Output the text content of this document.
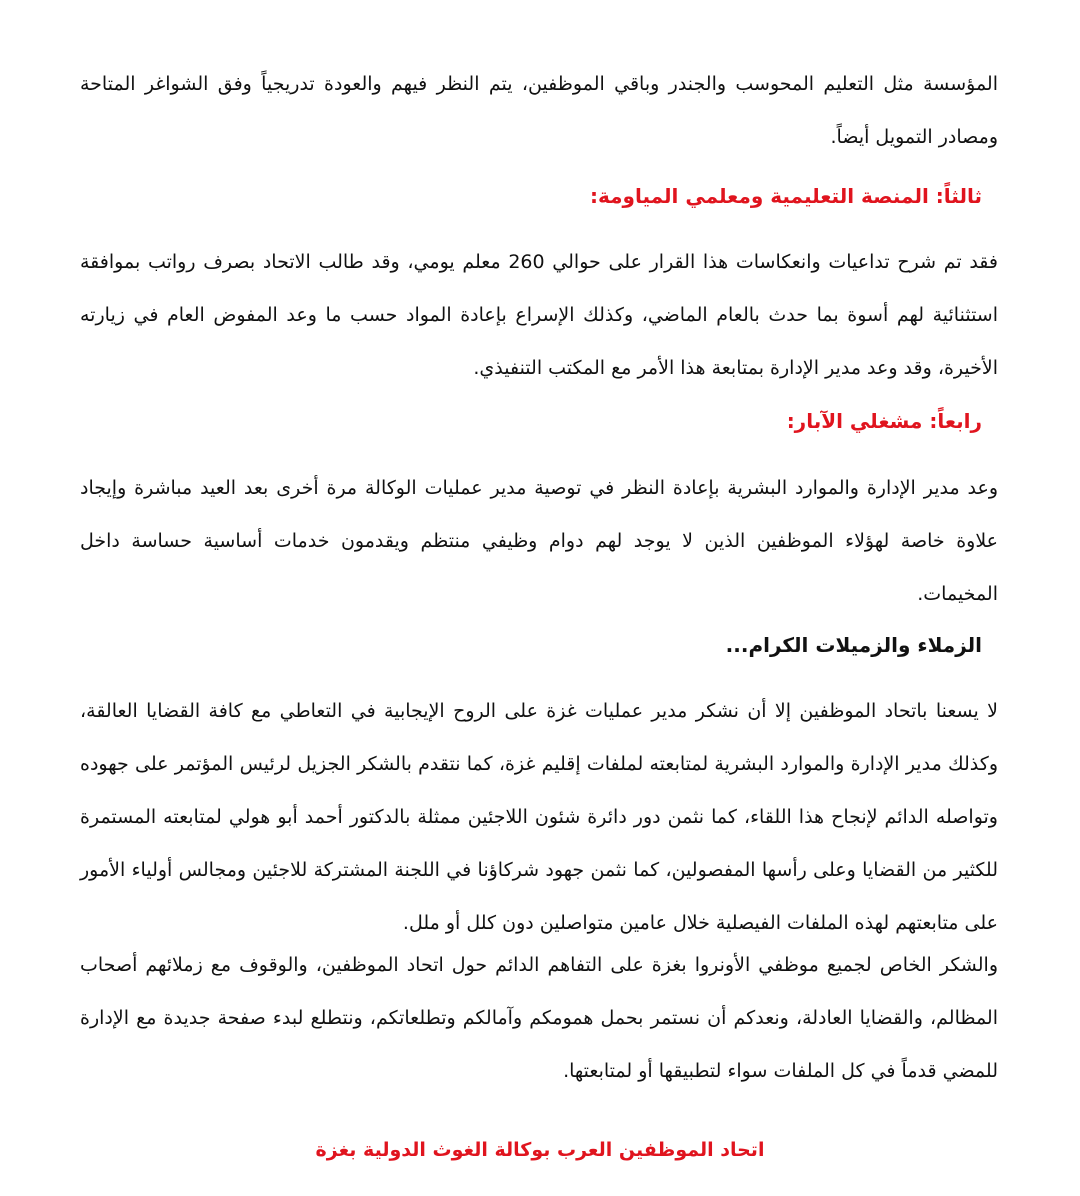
المؤسسة مثل التعليم المحوسب والجندر وباقي الموظفين، يتم النظر فيهم والعودة تدريجياً وفق الشواغر المتاحة ومصادر التمويل أيضاً.

ثالثاً: المنصة التعليمية ومعلمي المياومة:

فقد تم شرح تداعيات وانعكاسات هذا القرار على حوالي 260 معلم يومي، وقد طالب الاتحاد بصرف رواتب بموافقة استثنائية لهم أسوة بما حدث بالعام الماضي، وكذلك الإسراع بإعادة المواد حسب ما وعد المفوض العام في زيارته الأخيرة، وقد وعد مدير الإدارة بمتابعة هذا الأمر مع المكتب التنفيذي.

رابعاً: مشغلي الآبار:

وعد مدير الإدارة والموارد البشرية بإعادة النظر في توصية مدير عمليات الوكالة مرة أخرى بعد العيد مباشرة وإيجاد علاوة خاصة لهؤلاء الموظفين الذين لا يوجد لهم دوام وظيفي منتظم ويقدمون خدمات أساسية حساسة داخل المخيمات.

الزملاء والزميلات الكرام...

لا يسعنا باتحاد الموظفين إلا أن نشكر مدير عمليات غزة على الروح الإيجابية في التعاطي مع كافة القضايا العالقة، وكذلك مدير الإدارة والموارد البشرية لمتابعته لملفات إقليم غزة، كما نتقدم بالشكر الجزيل لرئيس المؤتمر على جهوده وتواصله الدائم لإنجاح هذا اللقاء، كما نثمن دور دائرة شئون اللاجئين ممثلة بالدكتور أحمد أبو هولي لمتابعته المستمرة للكثير من القضايا وعلى رأسها المفصولين، كما نثمن جهود شركاؤنا في اللجنة المشتركة للاجئين ومجالس أولياء الأمور على متابعتهم لهذه الملفات الفيصلية خلال عامين متواصلين دون كلل أو ملل.

والشكر الخاص لجميع موظفي الأونروا بغزة على التفاهم الدائم حول اتحاد الموظفين، والوقوف مع زملائهم أصحاب المظالم، والقضايا العادلة، ونعدكم أن نستمر بحمل همومكم وآمالكم وتطلعاتكم، ونتطلع لبدء صفحة جديدة مع الإدارة للمضي قدماً في كل الملفات سواء لتطبيقها أو لمتابعتها.

اتحاد الموظفين العرب بوكالة الغوث الدولية بغزة
